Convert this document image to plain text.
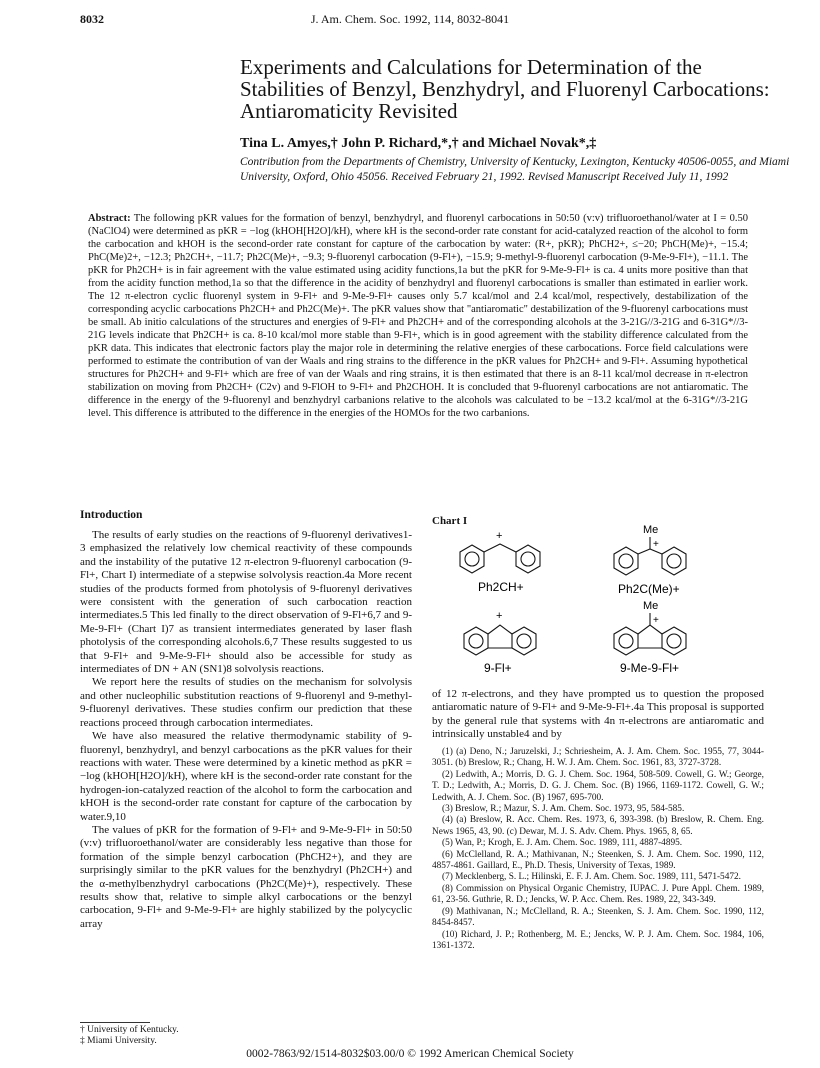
8032	J. Am. Chem. Soc. 1992, 114, 8032-8041
Experiments and Calculations for Determination of the Stabilities of Benzyl, Benzhydryl, and Fluorenyl Carbocations: Antiaromaticity Revisited
Tina L. Amyes,† John P. Richard,*,† and Michael Novak*,‡
Contribution from the Departments of Chemistry, University of Kentucky, Lexington, Kentucky 40506-0055, and Miami University, Oxford, Ohio 45056. Received February 21, 1992. Revised Manuscript Received July 11, 1992
Abstract: The following pKR values for the formation of benzyl, benzhydryl, and fluorenyl carbocations in 50:50 (v:v) trifluoroethanol/water at I = 0.50 (NaClO4) were determined as pKR = −log (kHOH[H2O]/kH), where kH is the second-order rate constant for acid-catalyzed reaction of the alcohol to form the carbocation and kHOH is the second-order rate constant for capture of the carbocation by water: (R+, pKR); PhCH2+, ≤−20; PhCH(Me)+, −15.4; PhC(Me)2+, −12.3; Ph2CH+, −11.7; Ph2C(Me)+, −9.3; 9-fluorenyl carbocation (9-Fl+), −15.9; 9-methyl-9-fluorenyl carbocation (9-Me-9-Fl+), −11.1. The pKR for Ph2CH+ is in fair agreement with the value estimated using acidity functions,1a but the pKR for 9-Me-9-Fl+ is ca. 4 units more positive than that from the acidity function method,1a so that the difference in the acidity of benzhydryl and fluorenyl carbocations is smaller than estimated in earlier work. The 12 π-electron cyclic fluorenyl system in 9-Fl+ and 9-Me-9-Fl+ causes only 5.7 kcal/mol and 2.4 kcal/mol, respectively, destabilization of the corresponding acyclic carbocations Ph2CH+ and Ph2C(Me)+. The pKR values show that "antiaromatic" destabilization of the 9-fluorenyl carbocations must be small. Ab initio calculations of the structures and energies of 9-Fl+ and Ph2CH+ and of the corresponding alcohols at the 3-21G//3-21G and 6-31G*//3-21G levels indicate that Ph2CH+ is ca. 8-10 kcal/mol more stable than 9-Fl+, which is in good agreement with the stability difference calculated from the pKR data. This indicates that electronic factors play the major role in determining the relative energies of these carbocations. Force field calculations were performed to estimate the contribution of van der Waals and ring strains to the difference in the pKR values for Ph2CH+ and 9-Fl+. Assuming hypothetical structures for Ph2CH+ and 9-Fl+ which are free of van der Waals and ring strains, it is then estimated that there is an 8-11 kcal/mol decrease in π-electron stabilization on moving from Ph2CH+ (C2v) and 9-FlOH to 9-Fl+ and Ph2CHOH. It is concluded that 9-fluorenyl carbocations are not antiaromatic. The difference in the energy of the 9-fluorenyl and benzhydryl carbanions relative to the alcohols was calculated to be −13.2 kcal/mol at the 6-31G*//3-21G level. This difference is attributed to the difference in the energies of the HOMOs for the two carbanions.
Introduction

The results of early studies on the reactions of 9-fluorenyl derivatives1-3 emphasized the relatively low chemical reactivity of these compounds and the instability of the putative 12 π-electron 9-fluorenyl carbocation (9-Fl+, Chart I) intermediate of a stepwise solvolysis reaction.4a More recent studies of the products formed from photolysis of 9-fluorenyl derivatives were consistent with the generation of such carbocation reaction intermediates.5 This led finally to the direct observation of 9-Fl+6,7 and 9-Me-9-Fl+ (Chart I)7 as transient intermediates generated by laser flash photolysis of the corresponding alcohols.6,7 These results suggested to us that 9-Fl+ and 9-Me-9-Fl+ should also be accessible for study as intermediates of DN + AN (SN1)8 solvolysis reactions.

We report here the results of studies on the mechanism for solvolysis and other nucleophilic substitution reactions of 9-fluorenyl and 9-methyl-9-fluorenyl derivatives. These studies confirm our prediction that these reactions proceed through carbocation intermediates.

We have also measured the relative thermodynamic stability of 9-fluorenyl, benzhydryl, and benzyl carbocations as the pKR values for their reactions with water. These were determined by a kinetic method as pKR = −log (kHOH[H2O]/kH), where kH is the second-order rate constant for the hydrogen-ion-catalyzed reaction of the alcohol to form the carbocation and kHOH is the second-order rate constant for capture of the carbocation by water.9,10

The values of pKR for the formation of 9-Fl+ and 9-Me-9-Fl+ in 50:50 (v:v) trifluoroethanol/water are considerably less negative than those for formation of the simple benzyl carbocation (PhCH2+), and they are surprisingly similar to the pKR values for the benzhydryl (Ph2CH+) and the α-methylbenzhydryl carbocations (Ph2C(Me)+), respectively. These results show that, relative to simple alkyl carbocations or the benzyl carbocation, 9-Fl+ and 9-Me-9-Fl+ are highly stabilized by the polycyclic array

Chart I
+
Ph2CH+
Me
+
Ph2C(Me)+
+
9-Fl+
Me
+
9-Me-9-Fl+

of 12 π-electrons, and they have prompted us to question the proposed antiaromatic nature of 9-Fl+ and 9-Me-9-Fl+.4a This proposal is supported by the general rule that systems with 4n π-electrons are antiaromatic and intrinsically unstable4 and by

(1) (a) Deno, N.; Jaruzelski, J.; Schriesheim, A. J. Am. Chem. Soc. 1955, 77, 3044-3051. (b) Breslow, R.; Chang, H. W. J. Am. Chem. Soc. 1961, 83, 3727-3728.
(2) Ledwith, A.; Morris, D. G. J. Chem. Soc. 1964, 508-509. Cowell, G. W.; George, T. D.; Ledwith, A.; Morris, D. G. J. Chem. Soc. (B) 1966, 1169-1172. Cowell, G. W.; Ledwith, A. J. Chem. Soc. (B) 1967, 695-700.
(3) Breslow, R.; Mazur, S. J. Am. Chem. Soc. 1973, 95, 584-585.
(4) (a) Breslow, R. Acc. Chem. Res. 1973, 6, 393-398. (b) Breslow, R. Chem. Eng. News 1965, 43, 90. (c) Dewar, M. J. S. Adv. Chem. Phys. 1965, 8, 65.
(5) Wan, P.; Krogh, E. J. Am. Chem. Soc. 1989, 111, 4887-4895.
(6) McClelland, R. A.; Mathivanan, N.; Steenken, S. J. Am. Chem. Soc. 1990, 112, 4857-4861. Gaillard, E., Ph.D. Thesis, University of Texas, 1989.
(7) Mecklenberg, S. L.; Hilinski, E. F. J. Am. Chem. Soc. 1989, 111, 5471-5472.
(8) Commission on Physical Organic Chemistry, IUPAC. J. Pure Appl. Chem. 1989, 61, 23-56. Guthrie, R. D.; Jencks, W. P. Acc. Chem. Res. 1989, 22, 343-349.
(9) Mathivanan, N.; McClelland, R. A.; Steenken, S. J. Am. Chem. Soc. 1990, 112, 8454-8457.
(10) Richard, J. P.; Rothenberg, M. E.; Jencks, W. P. J. Am. Chem. Soc. 1984, 106, 1361-1372.
† University of Kentucky.
‡ Miami University.
0002-7863/92/1514-8032$03.00/0 © 1992 American Chemical Society
